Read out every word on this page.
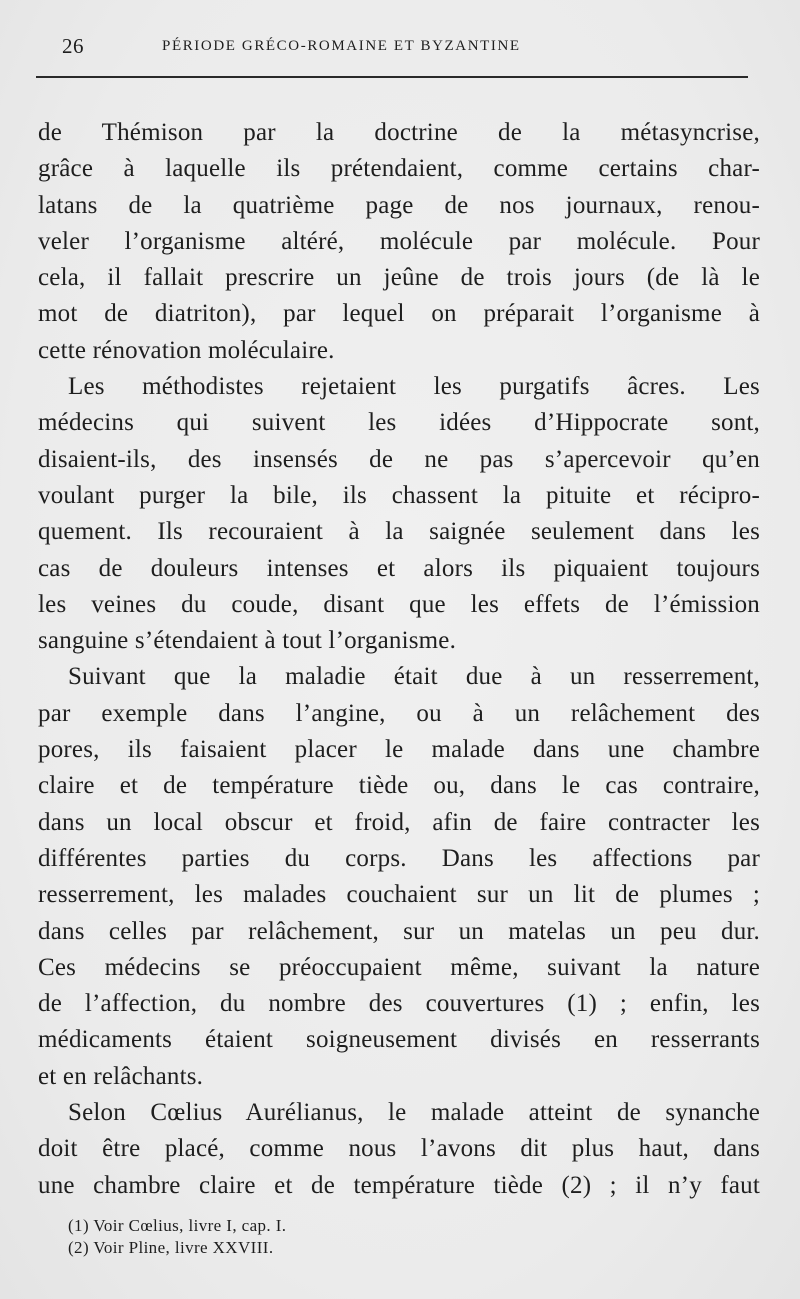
26	PÉRIODE GRÉCO-ROMAINE ET BYZANTINE
de Thémison par la doctrine de la métasyncrise,
grâce à laquelle ils prétendaient, comme certains char-
latans de la quatrième page de nos journaux, renou-
veler l’organisme altéré, molécule par molécule. Pour
cela, il fallait prescrire un jeûne de trois jours (de là le
mot de diatriton), par lequel on préparait l’organisme à
cette rénovation moléculaire.
Les méthodistes rejetaient les purgatifs âcres. Les
médecins qui suivent les idées d’Hippocrate sont,
disaient-ils, des insensés de ne pas s’apercevoir qu’en
voulant purger la bile, ils chassent la pituite et récipro-
quement. Ils recouraient à la saignée seulement dans les
cas de douleurs intenses et alors ils piquaient toujours
les veines du coude, disant que les effets de l’émission
sanguine s’étendaient à tout l’organisme.
Suivant que la maladie était due à un resserrement,
par exemple dans l’angine, ou à un relâchement des
pores, ils faisaient placer le malade dans une chambre
claire et de température tiède ou, dans le cas contraire,
dans un local obscur et froid, afin de faire contracter les
différentes parties du corps. Dans les affections par
resserrement, les malades couchaient sur un lit de plumes ;
dans celles par relâchement, sur un matelas un peu dur.
Ces médecins se préoccupaient même, suivant la nature
de l’affection, du nombre des couvertures (1) ; enfin, les
médicaments étaient soigneusement divisés en resserrants
et en relâchants.
Selon Cœlius Aurélianus, le malade atteint de synanche
doit être placé, comme nous l’avons dit plus haut, dans
une chambre claire et de température tiède (2) ; il n’y faut
(1) Voir Cœlius, livre I, cap. I.
(2) Voir Pline, livre XXVIII.
